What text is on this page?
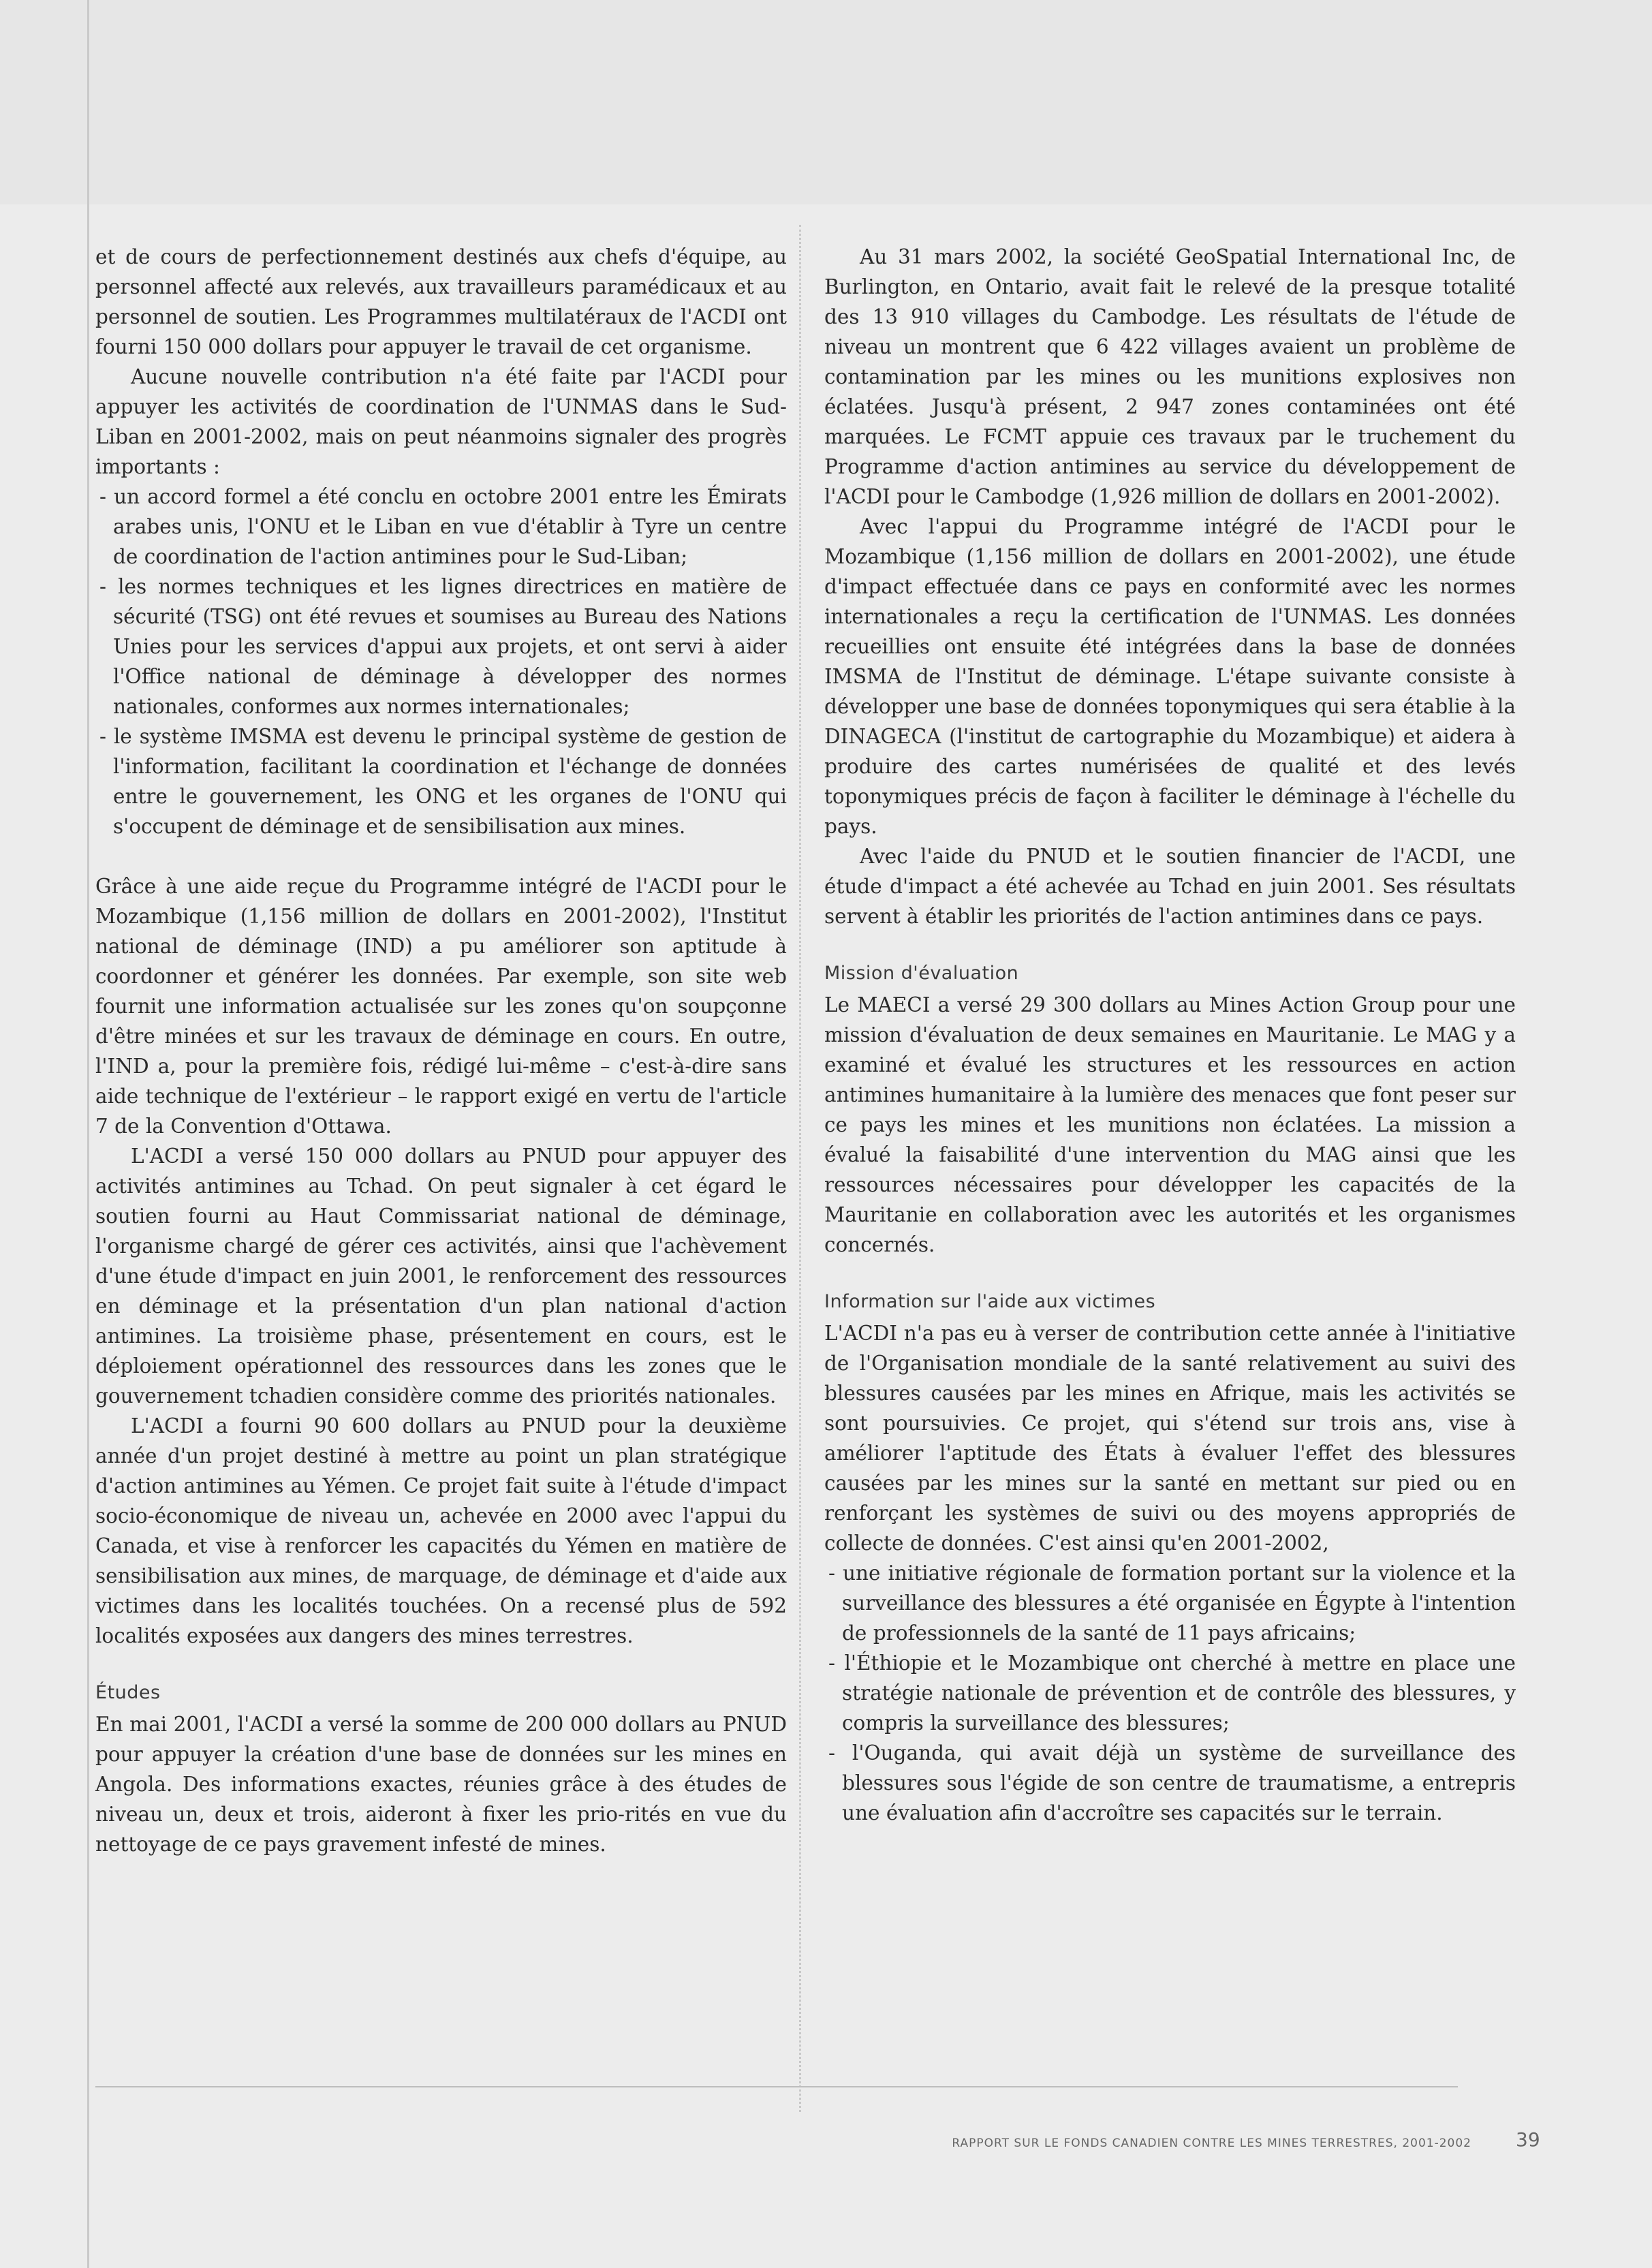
et de cours de perfectionnement destinés aux chefs d'équipe, au personnel affecté aux relevés, aux travailleurs paramédicaux et au personnel de soutien. Les Programmes multilatéraux de l'ACDI ont fourni 150 000 dollars pour appuyer le travail de cet organisme.

Aucune nouvelle contribution n'a été faite par l'ACDI pour appuyer les activités de coordination de l'UNMAS dans le Sud-Liban en 2001-2002, mais on peut néanmoins signaler des progrès importants :

- un accord formel a été conclu en octobre 2001 entre les Émirats arabes unis, l'ONU et le Liban en vue d'établir à Tyre un centre de coordination de l'action antimines pour le Sud-Liban;
- les normes techniques et les lignes directrices en matière de sécurité (TSG) ont été revues et soumises au Bureau des Nations Unies pour les services d'appui aux projets, et ont servi à aider l'Office national de déminage à développer des normes nationales, conformes aux normes internationales;
- le système IMSMA est devenu le principal système de gestion de l'information, facilitant la coordination et l'échange de données entre le gouvernement, les ONG et les organes de l'ONU qui s'occupent de déminage et de sensibilisation aux mines.

Grâce à une aide reçue du Programme intégré de l'ACDI pour le Mozambique (1,156 million de dollars en 2001-2002), l'Institut national de déminage (IND) a pu améliorer son aptitude à coordonner et générer les données. Par exemple, son site web fournit une information actualisée sur les zones qu'on soupçonne d'être minées et sur les travaux de déminage en cours. En outre, l'IND a, pour la première fois, rédigé lui-même – c'est-à-dire sans aide technique de l'extérieur – le rapport exigé en vertu de l'article 7 de la Convention d'Ottawa.

L'ACDI a versé 150 000 dollars au PNUD pour appuyer des activités antimines au Tchad. On peut signaler à cet égard le soutien fourni au Haut Commissariat national de déminage, l'organisme chargé de gérer ces activités, ainsi que l'achèvement d'une étude d'impact en juin 2001, le renforcement des ressources en déminage et la présentation d'un plan national d'action antimines. La troisième phase, présentement en cours, est le déploiement opérationnel des ressources dans les zones que le gouvernement tchadien considère comme des priorités nationales.

L'ACDI a fourni 90 600 dollars au PNUD pour la deuxième année d'un projet destiné à mettre au point un plan stratégique d'action antimines au Yémen. Ce projet fait suite à l'étude d'impact socio-économique de niveau un, achevée en 2000 avec l'appui du Canada, et vise à renforcer les capacités du Yémen en matière de sensibilisation aux mines, de marquage, de déminage et d'aide aux victimes dans les localités touchées. On a recensé plus de 592 localités exposées aux dangers des mines terrestres.

Études

En mai 2001, l'ACDI a versé la somme de 200 000 dollars au PNUD pour appuyer la création d'une base de données sur les mines en Angola. Des informations exactes, réunies grâce à des études de niveau un, deux et trois, aideront à fixer les prio-rités en vue du nettoyage de ce pays gravement infesté de mines.

Au 31 mars 2002, la société GeoSpatial International Inc, de Burlington, en Ontario, avait fait le relevé de la presque totalité des 13 910 villages du Cambodge. Les résultats de l'étude de niveau un montrent que 6 422 villages avaient un problème de contamination par les mines ou les munitions explosives non éclatées. Jusqu'à présent, 2 947 zones contaminées ont été marquées. Le FCMT appuie ces travaux par le truchement du Programme d'action antimines au service du développement de l'ACDI pour le Cambodge (1,926 million de dollars en 2001-2002).

Avec l'appui du Programme intégré de l'ACDI pour le Mozambique (1,156 million de dollars en 2001-2002), une étude d'impact effectuée dans ce pays en conformité avec les normes internationales a reçu la certification de l'UNMAS. Les données recueillies ont ensuite été intégrées dans la base de données IMSMA de l'Institut de déminage. L'étape suivante consiste à développer une base de données toponymiques qui sera établie à la DINAGECA (l'institut de cartographie du Mozambique) et aidera à produire des cartes numérisées de qualité et des levés toponymiques précis de façon à faciliter le déminage à l'échelle du pays.

Avec l'aide du PNUD et le soutien financier de l'ACDI, une étude d'impact a été achevée au Tchad en juin 2001. Ses résultats servent à établir les priorités de l'action antimines dans ce pays.

Mission d'évaluation

Le MAECI a versé 29 300 dollars au Mines Action Group pour une mission d'évaluation de deux semaines en Mauritanie. Le MAG y a examiné et évalué les structures et les ressources en action antimines humanitaire à la lumière des menaces que font peser sur ce pays les mines et les munitions non éclatées. La mission a évalué la faisabilité d'une intervention du MAG ainsi que les ressources nécessaires pour développer les capacités de la Mauritanie en collaboration avec les autorités et les organismes concernés.

Information sur l'aide aux victimes

L'ACDI n'a pas eu à verser de contribution cette année à l'initiative de l'Organisation mondiale de la santé relativement au suivi des blessures causées par les mines en Afrique, mais les activités se sont poursuivies. Ce projet, qui s'étend sur trois ans, vise à améliorer l'aptitude des États à évaluer l'effet des blessures causées par les mines sur la santé en mettant sur pied ou en renforçant les systèmes de suivi ou des moyens appropriés de collecte de données. C'est ainsi qu'en 2001-2002,

- une initiative régionale de formation portant sur la violence et la surveillance des blessures a été organisée en Égypte à l'intention de professionnels de la santé de 11 pays africains;
- l'Éthiopie et le Mozambique ont cherché à mettre en place une stratégie nationale de prévention et de contrôle des blessures, y compris la surveillance des blessures;
- l'Ouganda, qui avait déjà un système de surveillance des blessures sous l'égide de son centre de traumatisme, a entrepris une évaluation afin d'accroître ses capacités sur le terrain.
RAPPORT SUR LE FONDS CANADIEN CONTRE LES MINES TERRESTRES, 2001-2002 39
